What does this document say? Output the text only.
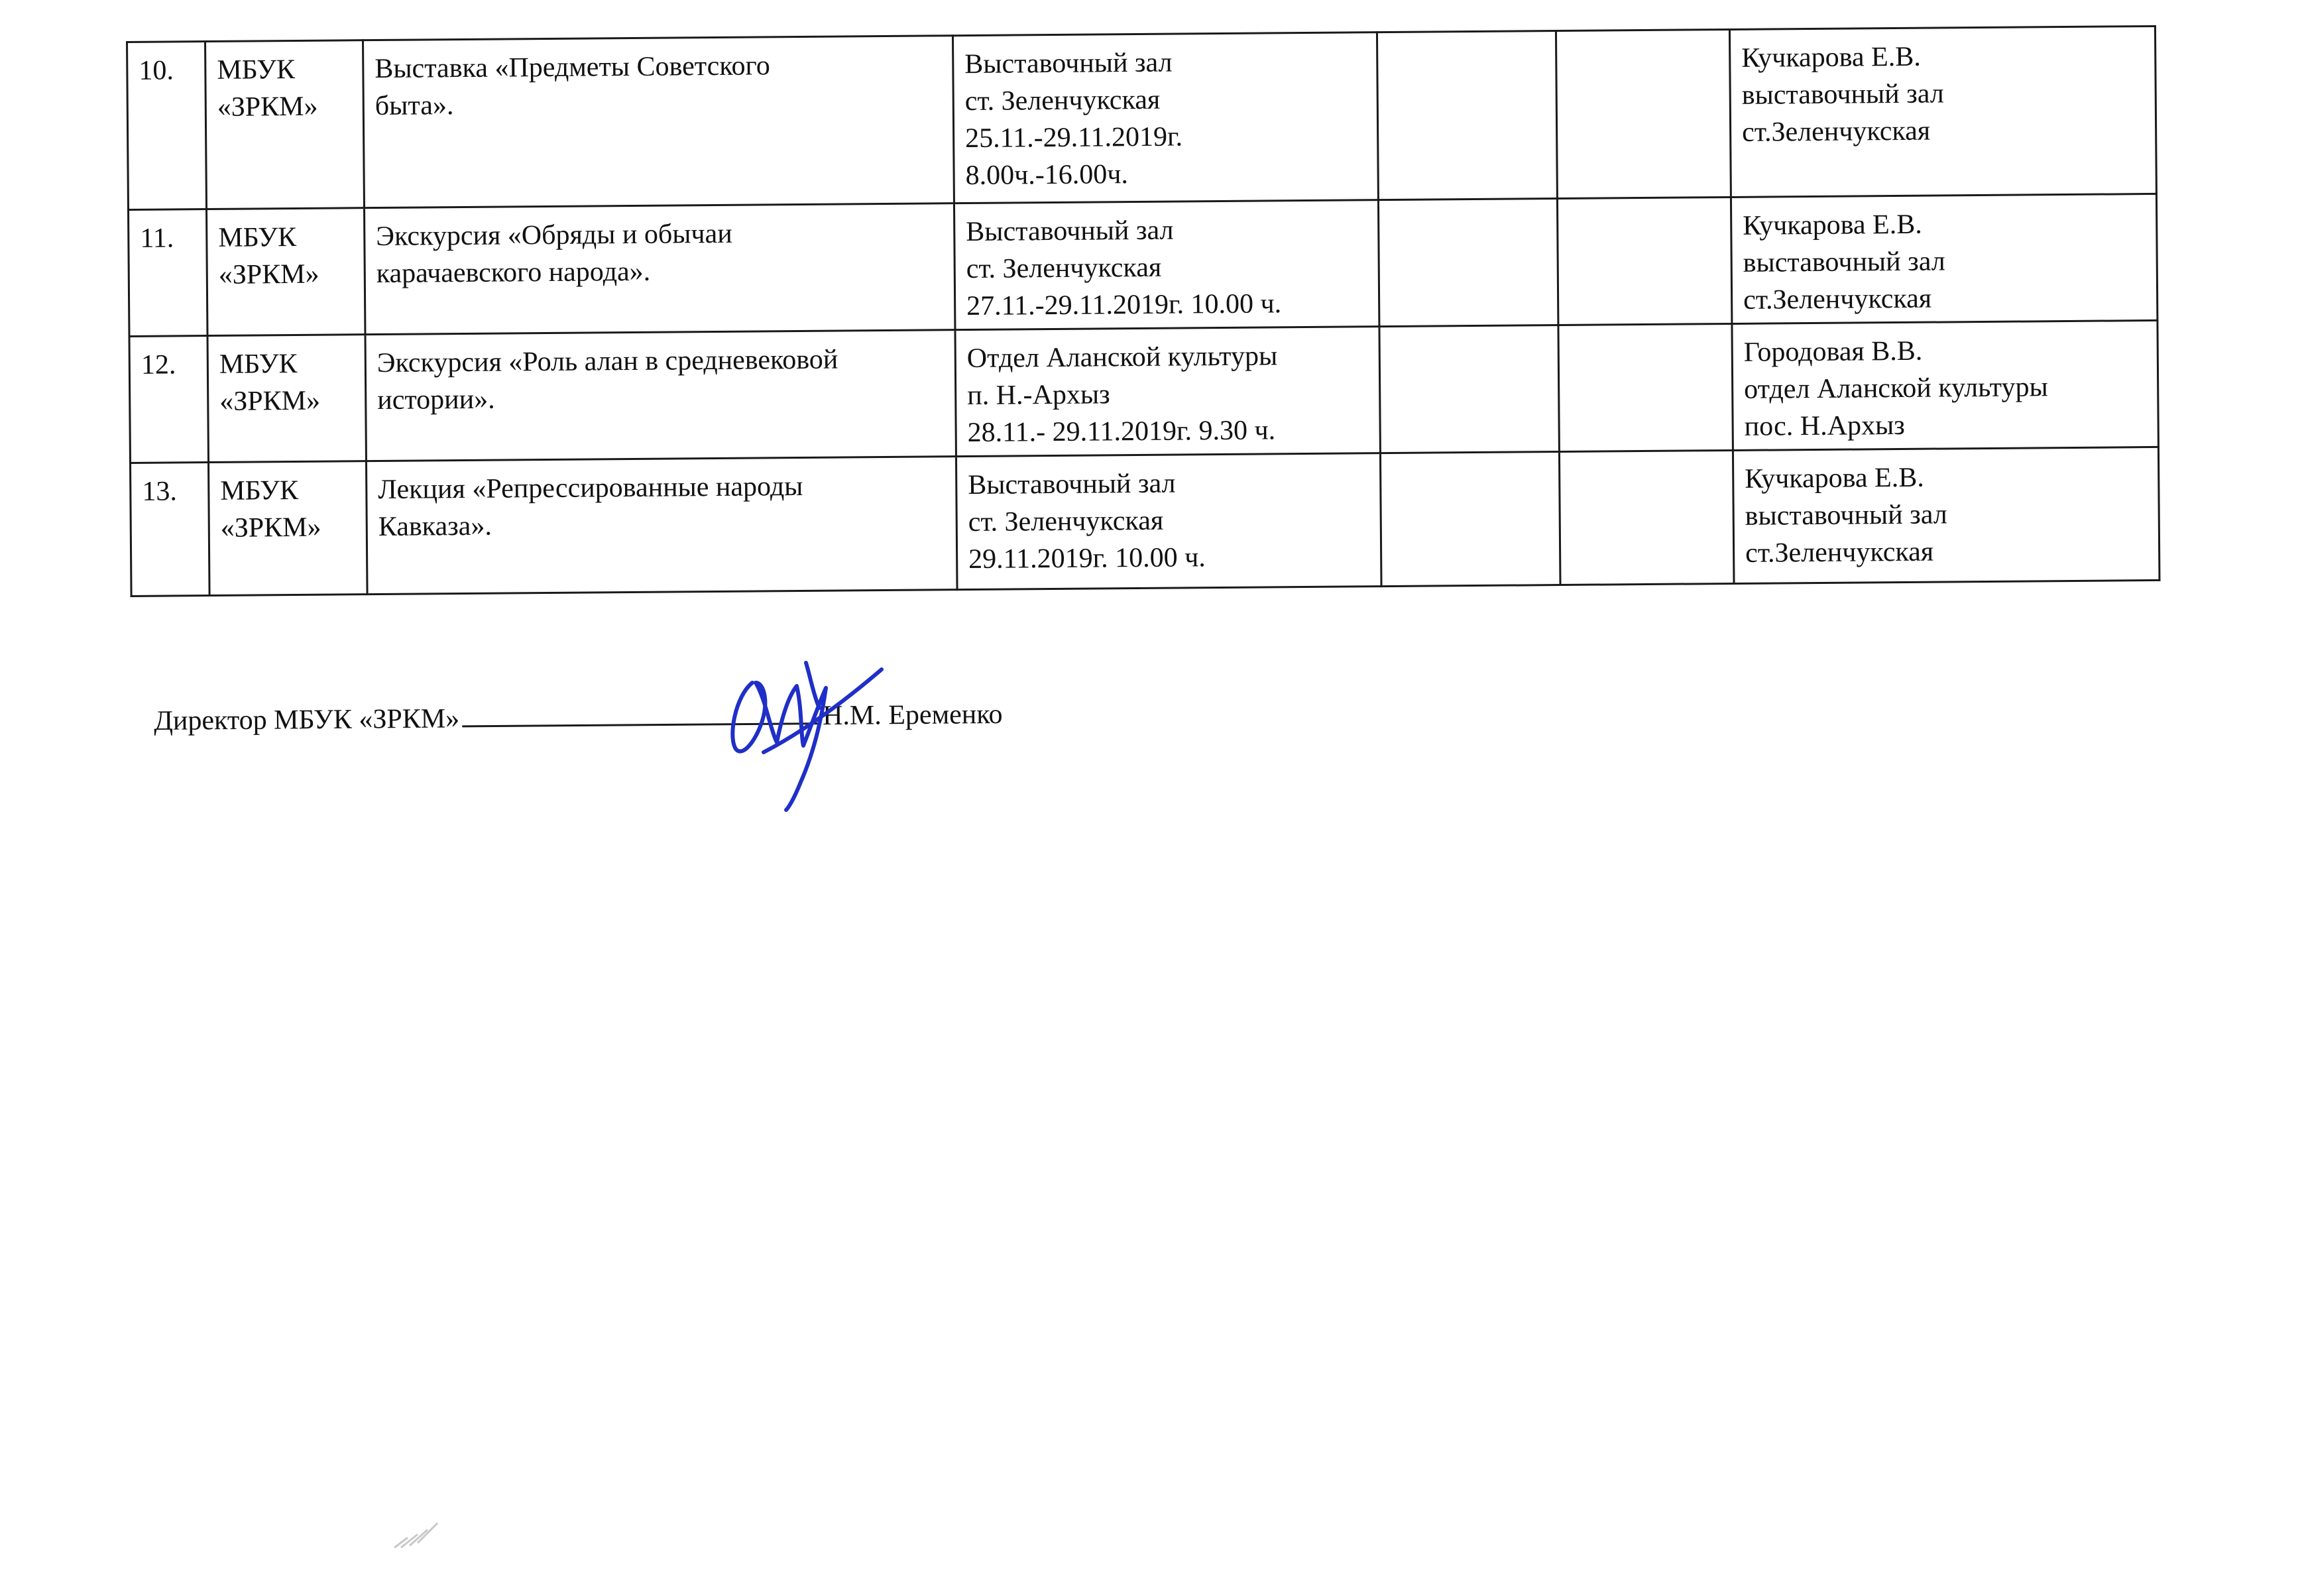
10.	МБУК
«ЗРКМ»	Выставка «Предметы Советского
быта».	Выставочный зал
ст. Зеленчукская
25.11.-29.11.2019г.
8.00ч.-16.00ч.			Кучкарова Е.В.
выставочный зал
ст.Зеленчукская
11.	МБУК
«ЗРКМ»	Экскурсия «Обряды и обычаи
карачаевского народа».	Выставочный зал
ст. Зеленчукская
27.11.-29.11.2019г. 10.00 ч.			Кучкарова Е.В.
выставочный зал
ст.Зеленчукская
12.	МБУК
«ЗРКМ»	Экскурсия «Роль алан в средневековой
истории».	Отдел Аланской культуры
п. Н.-Архыз
28.11.- 29.11.2019г. 9.30 ч.			Городовая В.В.
отдел Аланской культуры
пос. Н.Архыз
13.	МБУК
«ЗРКМ»	Лекция «Репрессированные народы
Кавказа».	Выставочный зал
ст. Зеленчукская
29.11.2019г. 10.00 ч.			Кучкарова Е.В.
выставочный зал
ст.Зеленчукская
Директор МБУК «ЗРКМ»	Н.М. Еременко
